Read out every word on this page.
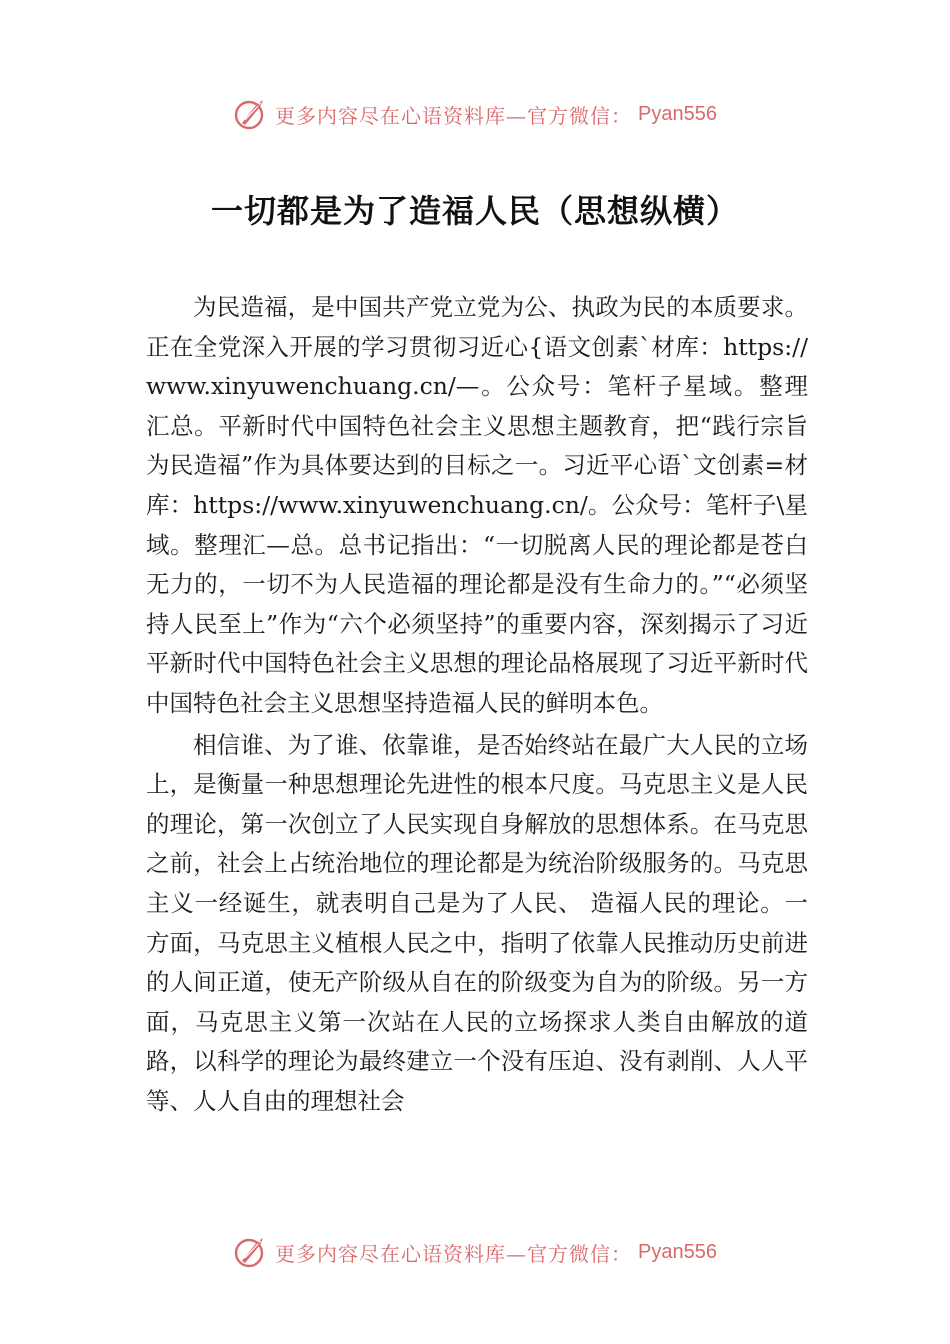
更多内容尽在心语资料库—官方微信： Pyan556
一切都是为了造福人民（思想纵横）

为民造福，是中国共产党立党为公、执政为民的本质要求。正在全党深入开展的学习贯彻习近心{语文创素`材库：https://www.xinyuwenchuang.cn/—。公众号：笔杆子星域。整理汇总。平新时代中国特色社会主义思想主题教育，把“践行宗旨为民造福”作为具体要达到的目标之一。习近平心语`文创素=材库：https://www.xinyuwenchuang.cn/。公众号：笔杆子\星域。整理汇—总。总书记指出：“一切脱离人民的理论都是苍白无力的，一切不为人民造福的理论都是没有生命力的。”“必须坚持人民至上”作为“六个必须坚持”的重要内容，深刻揭示了习近平新时代中国特色社会主义思想的理论品格展现了习近平新时代中国特色社会主义思想坚持造福人民的鲜明本色。

相信谁、为了谁、依靠谁，是否始终站在最广大人民的立场上，是衡量一种思想理论先进性的根本尺度。马克思主义是人民的理论，第一次创立了人民实现自身解放的思想体系。在马克思之前，社会上占统治地位的理论都是为统治阶级服务的。马克思主义一经诞生，就表明自己是为了人民、 造福人民的理论。一方面，马克思主义植根人民之中，指明了依靠人民推动历史前进的人间正道，使无产阶级从自在的阶级变为自为的阶级。另一方面，马克思主义第一次站在人民的立场探求人类自由解放的道路，以科学的理论为最终建立一个没有压迫、没有剥削、人人平等、人人自由的理想社会

更多内容尽在心语资料库—官方微信： Pyan556
